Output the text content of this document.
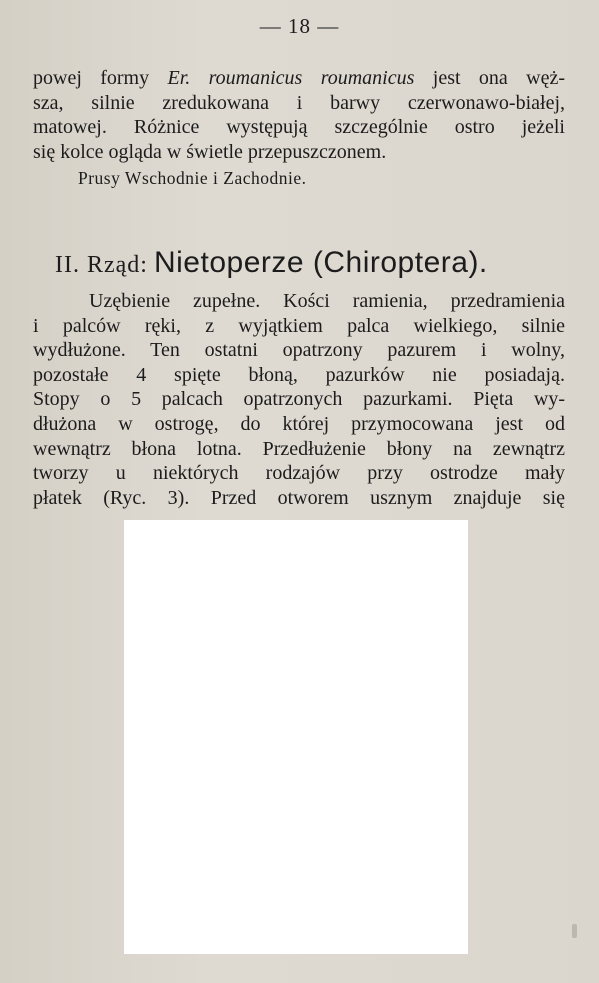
— 18 —
powej formy Er. roumanicus roumanicus jest ona węż-
sza, silnie zredukowana i barwy czerwonawo-białej,
matowej. Różnice występują szczególnie ostro jeżeli
się kolce ogląda w świetle przepuszczonem.

Prusy Wschodnie i Zachodnie.

II. Rząd: Nietoperze (Chiroptera).
Uzębienie zupełne. Kości ramienia, przedramienia
i palców ręki, z wyjątkiem palca wielkiego, silnie
wydłużone. Ten ostatni opatrzony pazurem i wolny,
pozostałe 4 spięte błoną, pazurków nie posiadają.
Stopy o 5 palcach opatrzonych pazurkami. Pięta wy-
dłużona w ostrogę, do której przymocowana jest od
wewnątrz błona lotna. Przedłużenie błony na zewnątrz
tworzy u niektórych rodzajów przy ostrodze mały
płatek (Ryc. 3). Przed otworem usznym znajduje się
